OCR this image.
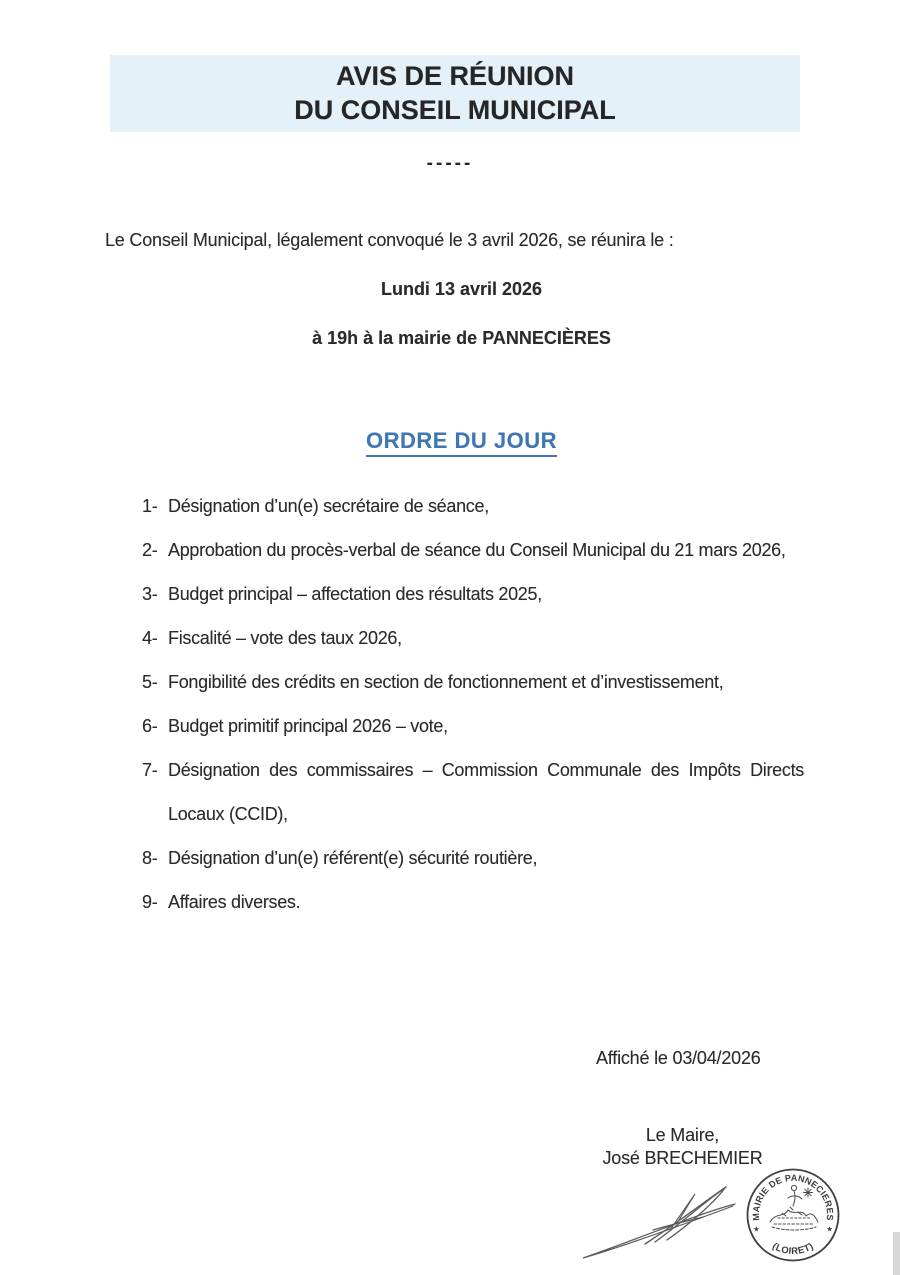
AVIS DE RÉUNION
DU CONSEIL MUNICIPAL
-----

Le Conseil Municipal, légalement convoqué le 3 avril 2026, se réunira le :

Lundi 13 avril 2026
à 19h à la mairie de PANNECIÈRES
ORDRE DU JOUR
1- Désignation d’un(e) secrétaire de séance,
2- Approbation du procès-verbal de séance du Conseil Municipal du 21 mars 2026,
3- Budget principal – affectation des résultats 2025,
4- Fiscalité – vote des taux 2026,
5- Fongibilité des crédits en section de fonctionnement et d’investissement,
6- Budget primitif principal 2026 – vote,
7- Désignation des commissaires – Commission Communale des Impôts Directs Locaux (CCID),
8- Désignation d’un(e) référent(e) sécurité routière,
9- Affaires diverses.
Affiché le 03/04/2026
Le Maire,
José BRECHEMIER
MAIRIE DE PANNECIERES
(LOIRET)
★	★
